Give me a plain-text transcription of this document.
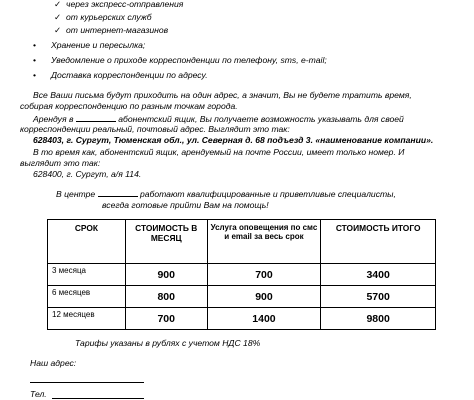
✓ через экспресс-отправления
✓ от курьерских служб
✓ от интернет-магазинов
• Хранение и пересылка;
• Уведомление о приходе корреспонденции по телефону, sms, e-mail;
• Доставка корреспонденции по адресу.
Все Ваши письма будут приходить на один адрес, а значит, Вы не будете тратить время,
собирая корреспонденцию по разным точкам города.
Арендуя в	абонентский ящик, Вы получаете возможность указывать для своей
корреспонденции реальный, почтовый адрес. Выглядит это так:
628403, г. Сургут, Тюменская обл., ул. Северная д. 68 подъезд 3. «наименование компании».
В то время как, абонентский ящик, арендуемый на почте России, имеет только номер. И
выглядит это так:
628400, г. Сургут, а/я 114.
В центре	работают квалифицированные и приветливые специалисты,
всегда готовые прийти Вам на помощь!
СРОК	СТОИМОСТЬ В МЕСЯЦ	Услуга оповещения по смс и email за весь срок	СТОИМОСТЬ ИТОГО
3 месяца	900	700	3400
6 месяцев	800	900	5700
12 месяцев	700	1400	9800
Тарифы указаны в рублях с учетом НДС 18%
Наш адрес:
Тел.
